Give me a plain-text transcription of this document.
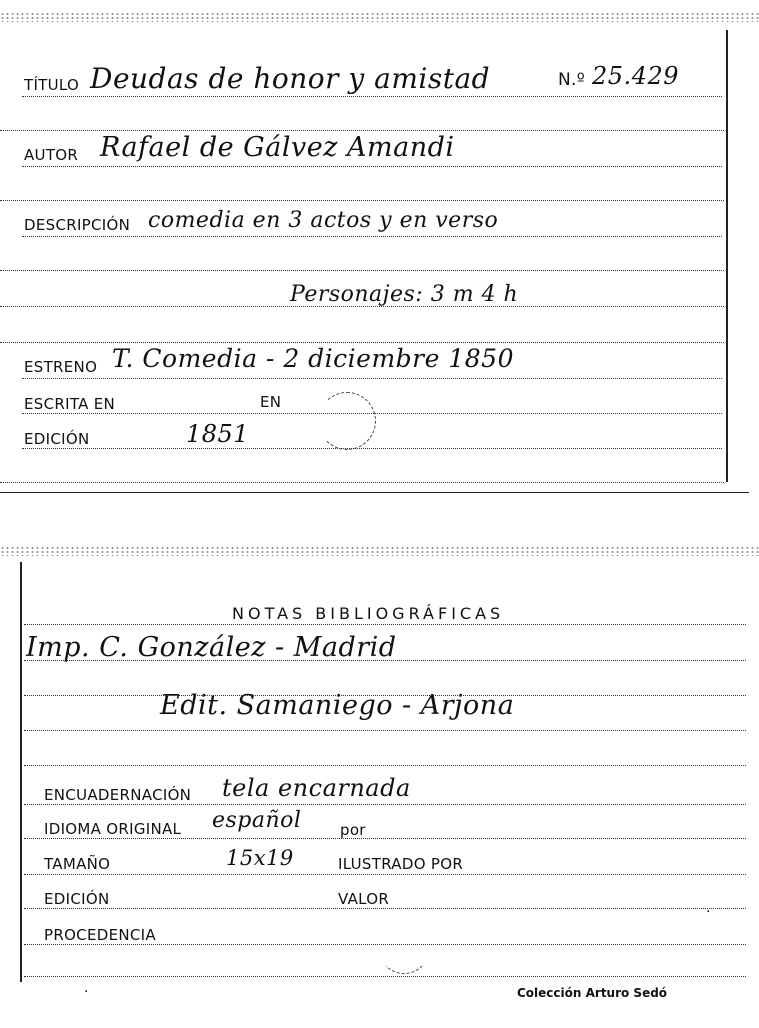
TÍTULO Deudas de honor y amistad	N.º 25.429
AUTOR Rafael de Gálvez Amandi
DESCRIPCIÓN comedia en 3 actos y en verso
Personajes: 3 m 4 h
ESTRENO T. Comedia - 2 diciembre 1850
ESCRITA EN	EN
EDICIÓN	1851
NOTAS BIBLIOGRÁFICAS
Imp. C. González - Madrid
Edit. Samaniego - Arjona
ENCUADERNACIÓN tela encarnada
IDIOMA ORIGINAL español	por
TAMAÑO	15x19	ILUSTRADO POR
EDICIÓN	VALOR
PROCEDENCIA
Colección Arturo Sedó
·
·
